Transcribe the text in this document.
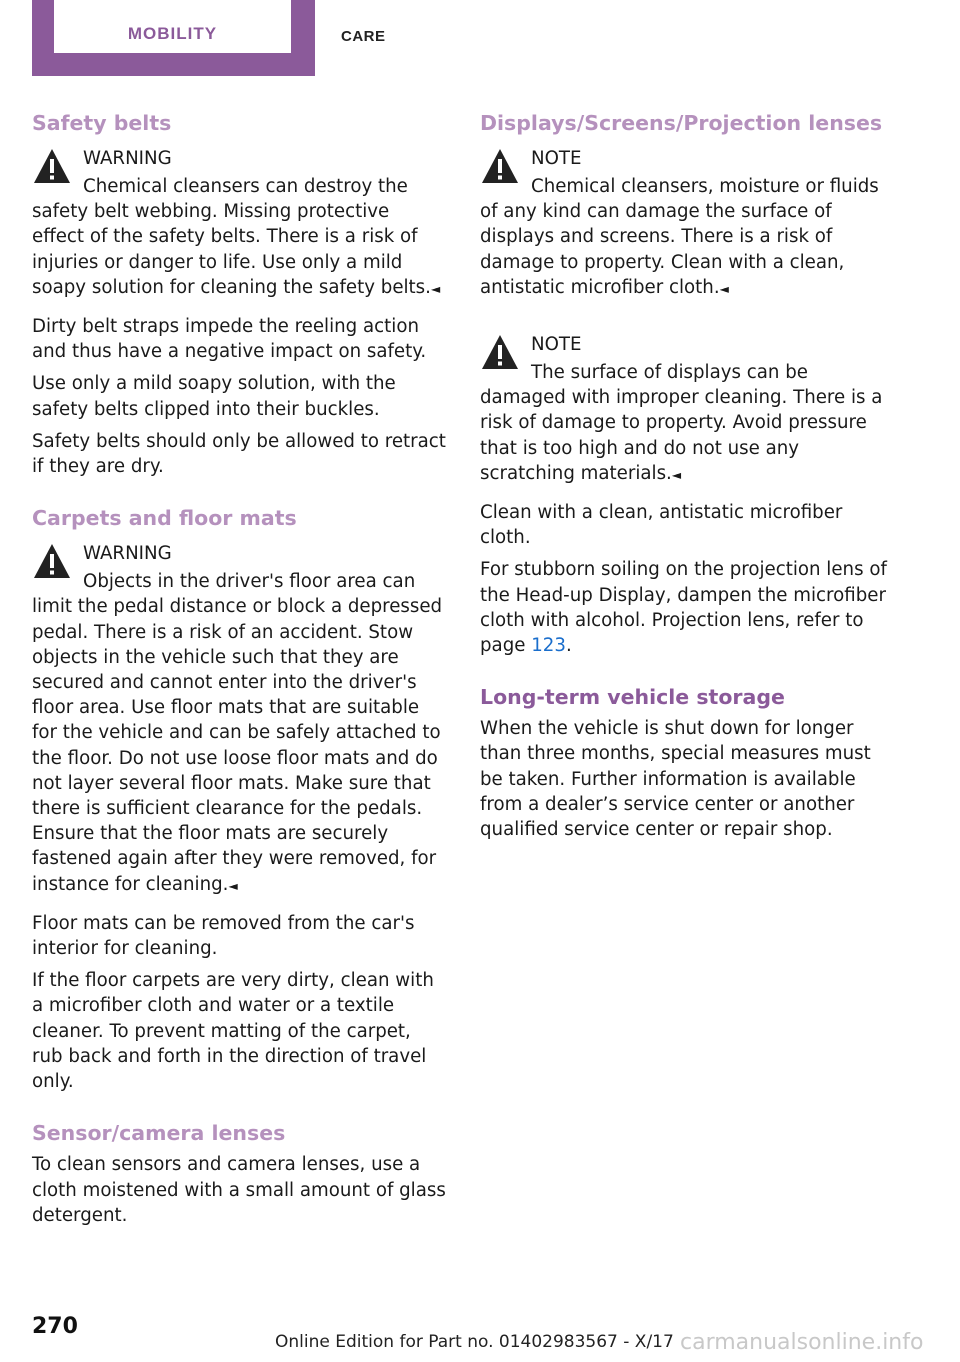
MOBILITY	CARE
Safety belts
WARNING
Chemical cleansers can destroy the safety belt webbing. Missing protective effect of the safety belts. There is a risk of injuries or danger to life. Use only a mild soapy solution for cleaning the safety belts.◄

Dirty belt straps impede the reeling action and thus have a negative impact on safety.

Use only a mild soapy solution, with the safety belts clipped into their buckles.

Safety belts should only be allowed to retract if they are dry.

Carpets and floor mats
WARNING
Objects in the driver's floor area can limit the pedal distance or block a depressed pedal. There is a risk of an accident. Stow objects in the vehicle such that they are secured and cannot enter into the driver's floor area. Use floor mats that are suitable for the vehicle and can be safely attached to the floor. Do not use loose floor mats and do not layer several floor mats. Make sure that there is sufficient clearance for the pedals. Ensure that the floor mats are securely fastened again after they were removed, for instance for cleaning.◄

Floor mats can be removed from the car's interior for cleaning.

If the floor carpets are very dirty, clean with a microfiber cloth and water or a textile cleaner. To prevent matting of the carpet, rub back and forth in the direction of travel only.

Sensor/camera lenses

To clean sensors and camera lenses, use a cloth moistened with a small amount of glass detergent.

Displays/Screens/Projection lenses
NOTE
Chemical cleansers, moisture or fluids of any kind can damage the surface of displays and screens. There is a risk of damage to property. Clean with a clean, antistatic microfiber cloth.◄
NOTE
The surface of displays can be damaged with improper cleaning. There is a risk of damage to property. Avoid pressure that is too high and do not use any scratching materials.◄

Clean with a clean, antistatic microfiber cloth.

For stubborn soiling on the projection lens of the Head-up Display, dampen the microfiber cloth with alcohol. Projection lens, refer to page 123.

Long-term vehicle storage

When the vehicle is shut down for longer than three months, special measures must be taken. Further information is available from a dealer’s service center or another qualified service center or repair shop.

270
Online Edition for Part no. 01402983567 - X/17 carmanualsonline.info
